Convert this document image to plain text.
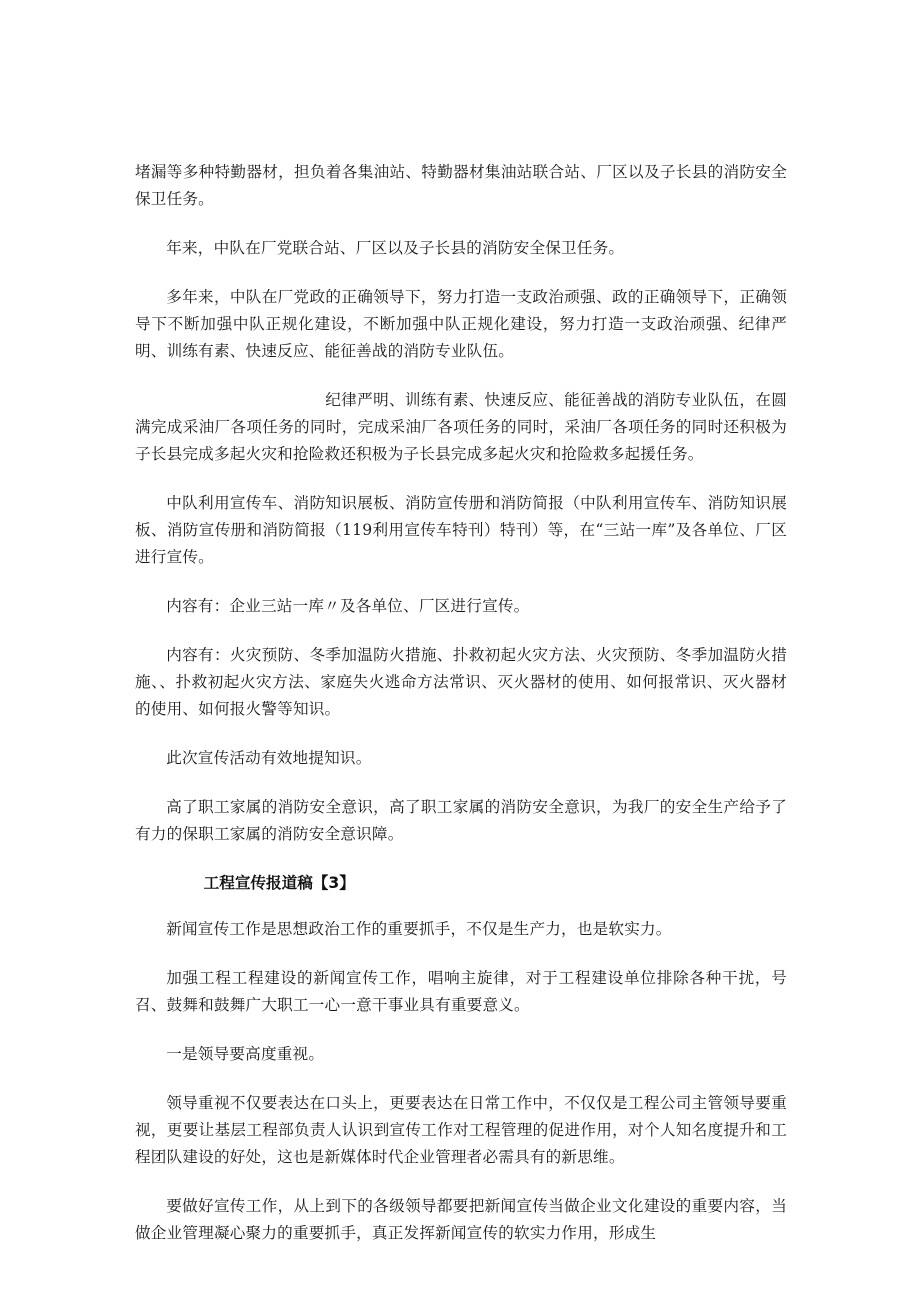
堵漏等多种特勤器材，担负着各集油站、特勤器材集油站联合站、厂区以及子长县的消防安全保卫任务。

年来，中队在厂党联合站、厂区以及子长县的消防安全保卫任务。

多年来，中队在厂党政的正确领导下，努力打造一支政治顽强、政的正确领导下，正确领导下不断加强中队正规化建设，不断加强中队正规化建设，努力打造一支政治顽强、纪律严明、训练有素、快速反应、能征善战的消防专业队伍。

纪律严明、训练有素、快速反应、能征善战的消防专业队伍，在圆满完成采油厂各项任务的同时，完成采油厂各项任务的同时，采油厂各项任务的同时还积极为子长县完成多起火灾和抢险救还积极为子长县完成多起火灾和抢险救多起援任务。

中队利用宣传车、消防知识展板、消防宣传册和消防简报（中队利用宣传车、消防知识展板、消防宣传册和消防简报（119利用宣传车特刊）特刊）等，在“三站一库”及各单位、厂区进行宣传。

内容有：企业三站一库〃及各单位、厂区进行宣传。

内容有：火灾预防、冬季加温防火措施、扑救初起火灾方法、火灾预防、冬季加温防火措施、、扑救初起火灾方法、家庭失火逃命方法常识、灭火器材的使用、如何报常识、灭火器材的使用、如何报火警等知识。

此次宣传活动有效地提知识。

高了职工家属的消防安全意识，高了职工家属的消防安全意识，为我厂的安全生产给予了有力的保职工家属的消防安全意识障。

工程宣传报道稿【3】

新闻宣传工作是思想政治工作的重要抓手，不仅是生产力，也是软实力。

加强工程工程建设的新闻宣传工作，唱响主旋律，对于工程建设单位排除各种干扰，号召、鼓舞和鼓舞广大职工一心一意干事业具有重要意义。

一是领导要高度重视。

领导重视不仅要表达在口头上，更要表达在日常工作中，不仅仅是工程公司主管领导要重视，更要让基层工程部负责人认识到宣传工作对工程管理的促进作用，对个人知名度提升和工程团队建设的好处，这也是新媒体时代企业管理者必需具有的新思维。

要做好宣传工作，从上到下的各级领导都要把新闻宣传当做企业文化建设的重要内容，当做企业管理凝心聚力的重要抓手，真正发挥新闻宣传的软实力作用，形成生
